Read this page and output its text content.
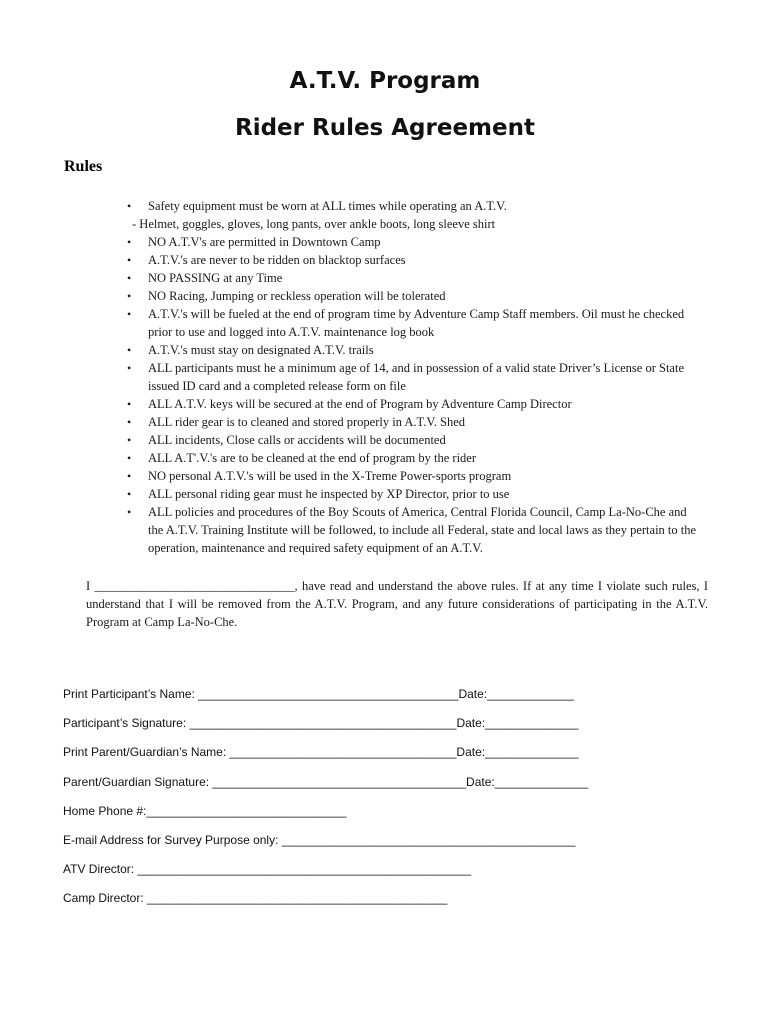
A.T.V. Program
Rider Rules Agreement
Rules
• Safety equipment must be worn at ALL times while operating an A.T.V.
- Helmet, goggles, gloves, long pants, over ankle boots, long sleeve shirt
• NO A.T.V's are permitted in Downtown Camp
• A.T.V.'s are never to be ridden on blacktop surfaces
• NO PASSING at any Time
• NO Racing, Jumping or reckless operation will be tolerated
• A.T.V.'s will be fueled at the end of program time by Adventure Camp Staff members. Oil must he checked prior to use and logged into A.T.V. maintenance log book
• A.T.V.'s must stay on designated A.T.V. trails
• ALL participants must he a minimum age of 14, and in possession of a valid state Driver’s License or State issued ID card and a completed release form on file
• ALL A.T.V. keys will be secured at the end of Program by Adventure Camp Director
• ALL rider gear is to cleaned and stored properly in A.T.V. Shed
• ALL incidents, Close calls or accidents will be documented
• ALL A.T'.V.'s are to be cleaned at the end of program by the rider
• NO personal A.T.V.'s will be used in the X-Treme Power-sports program
• ALL personal riding gear must he inspected by XP Director, prior to use
• ALL policies and procedures of the Boy Scouts of America, Central Florida Council, Camp La-No-Che and the A.T.V. Training Institute will be followed, to include all Federal, state and local laws as they pertain to the operation, maintenance and required safety equipment of an A.T.V.

I ________________________________, have read and understand the above rules. If at any time I violate such rules, I understand that I will be removed from the A.T.V. Program, and any future considerations of participating in the A.T.V. Program at Camp La-No-Che.

Print Participant’s Name: _______________________________________Date:_____________
Participant’s Signature: ________________________________________Date:______________
Print Parent/Guardian’s Name: __________________________________Date:______________
Parent/Guardian Signature: ______________________________________Date:______________
Home Phone #:______________________________
E-mail Address for Survey Purpose only: ____________________________________________
ATV Director: __________________________________________________
Camp Director: _____________________________________________
